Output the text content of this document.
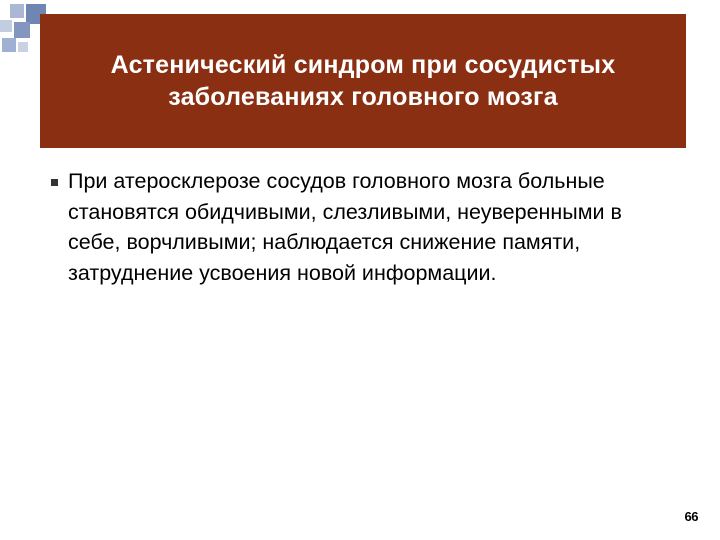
Астенический синдром при сосудистых заболеваниях головного мозга
При атеросклерозе сосудов головного мозга больные становятся обидчивыми, слезливыми, неуверенными в себе, ворчливыми; наблюдается снижение памяти, затруднение усвоения новой информации.
66
